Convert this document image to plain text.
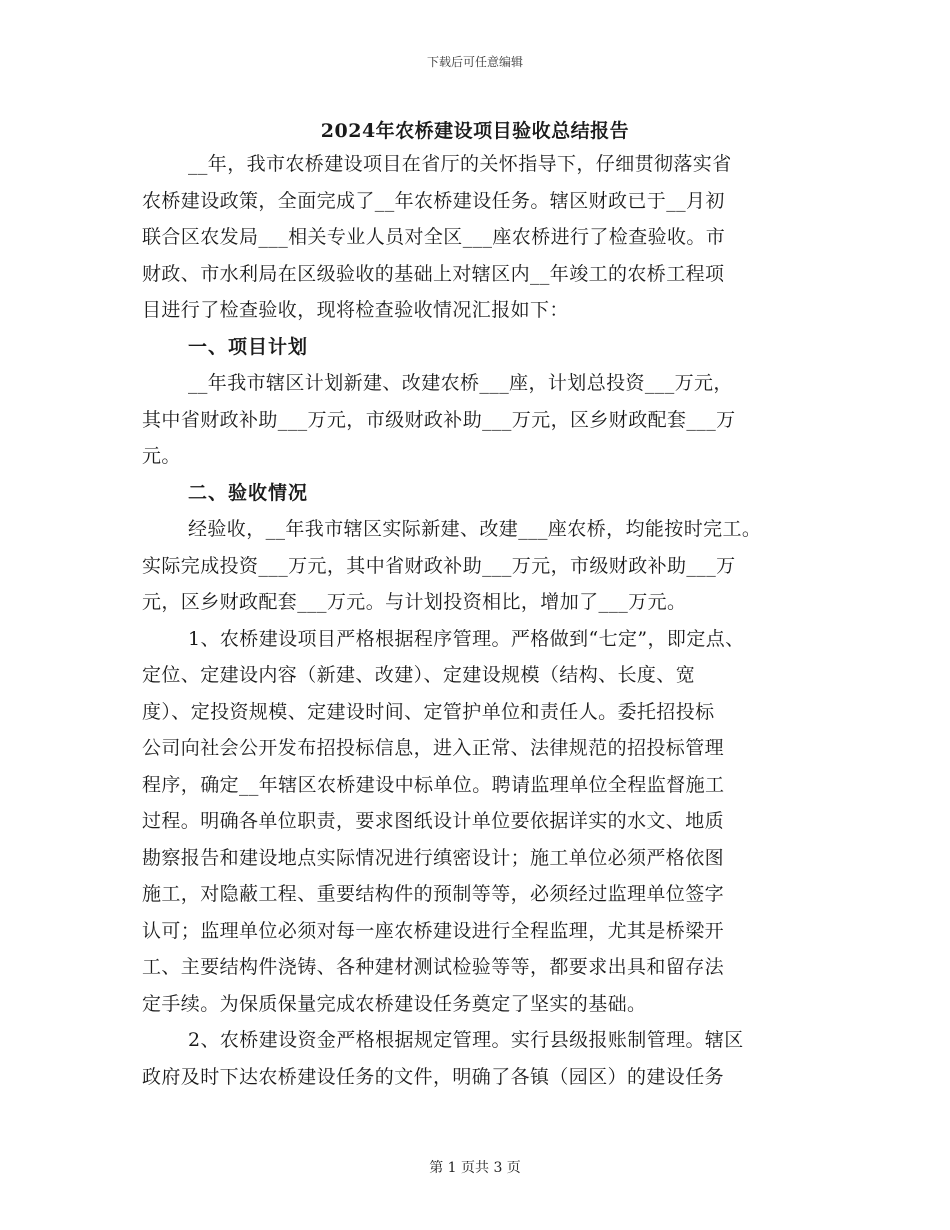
下载后可任意编辑
2024年农桥建设项目验收总结报告
__年，我市农桥建设项目在省厅的关怀指导下，仔细贯彻落实省
农桥建设政策，全面完成了__年农桥建设任务。辖区财政已于__月初
联合区农发局___相关专业人员对全区___座农桥进行了检查验收。市
财政、市水利局在区级验收的基础上对辖区内__年竣工的农桥工程项
目进行了检查验收，现将检查验收情况汇报如下：
一、项目计划
__年我市辖区计划新建、改建农桥___座，计划总投资___万元，
其中省财政补助___万元，市级财政补助___万元，区乡财政配套___万
元。
二、验收情况
经验收，__年我市辖区实际新建、改建___座农桥，均能按时完工。
实际完成投资___万元，其中省财政补助___万元，市级财政补助___万
元，区乡财政配套___万元。与计划投资相比，增加了___万元。
1、农桥建设项目严格根据程序管理。严格做到“七定”，即定点、
定位、定建设内容（新建、改建）、定建设规模（结构、长度、宽
度）、定投资规模、定建设时间、定管护单位和责任人。委托招投标
公司向社会公开发布招投标信息，进入正常、法律规范的招投标管理
程序，确定__年辖区农桥建设中标单位。聘请监理单位全程监督施工
过程。明确各单位职责，要求图纸设计单位要依据详实的水文、地质
勘察报告和建设地点实际情况进行缜密设计；施工单位必须严格依图
施工，对隐蔽工程、重要结构件的预制等等，必须经过监理单位签字
认可；监理单位必须对每一座农桥建设进行全程监理，尤其是桥梁开
工、主要结构件浇铸、各种建材测试检验等等，都要求出具和留存法
定手续。为保质保量完成农桥建设任务奠定了坚实的基础。
2、农桥建设资金严格根据规定管理。实行县级报账制管理。辖区
政府及时下达农桥建设任务的文件，明确了各镇（园区）的建设任务
第 1 页共 3 页
